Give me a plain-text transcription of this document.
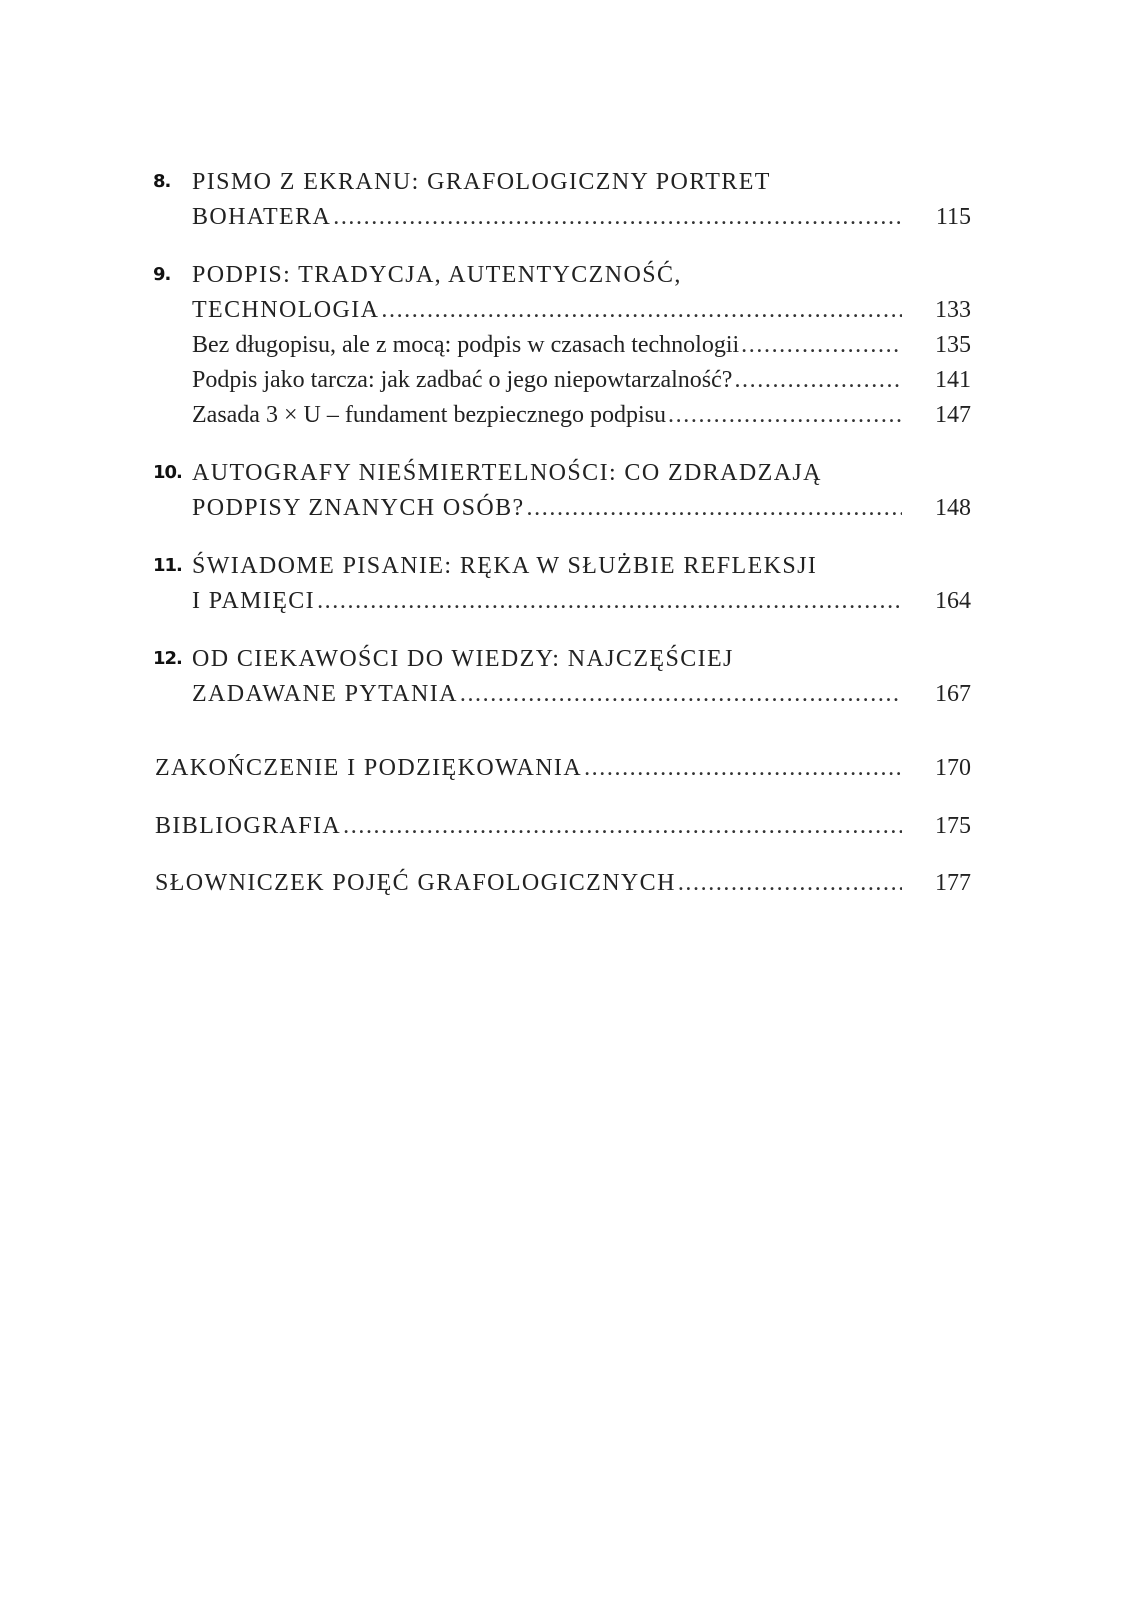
8. PISMO Z EKRANU: GRAFOLOGICZNY PORTRET
BOHATERA . . .	115
9. PODPIS: TRADYCJA, AUTENTYCZNOŚĆ,
TECHNOLOGIA . . .	133
Bez długopisu, ale z mocą: podpis w czasach technologii . . .	135
Podpis jako tarcza: jak zadbać o jego niepowtarzalność? . . .	141
Zasada 3 × U – fundament bezpiecznego podpisu . . .	147
10. AUTOGRAFY NIEŚMIERTELNOŚCI: CO ZDRADZAJĄ
PODPISY ZNANYCH OSÓB? . . .	148
11. ŚWIADOME PISANIE: RĘKA W SŁUŻBIE REFLEKSJI
I PAMIĘCI . . .	164
12. OD CIEKAWOŚCI DO WIEDZY: NAJCZĘŚCIEJ
ZADAWANE PYTANIA . . .	167
ZAKOŃCZENIE I PODZIĘKOWANIA . . .	170
BIBLIOGRAFIA . . .	175
SŁOWNICZEK POJĘĆ GRAFOLOGICZNYCH . . .	177
